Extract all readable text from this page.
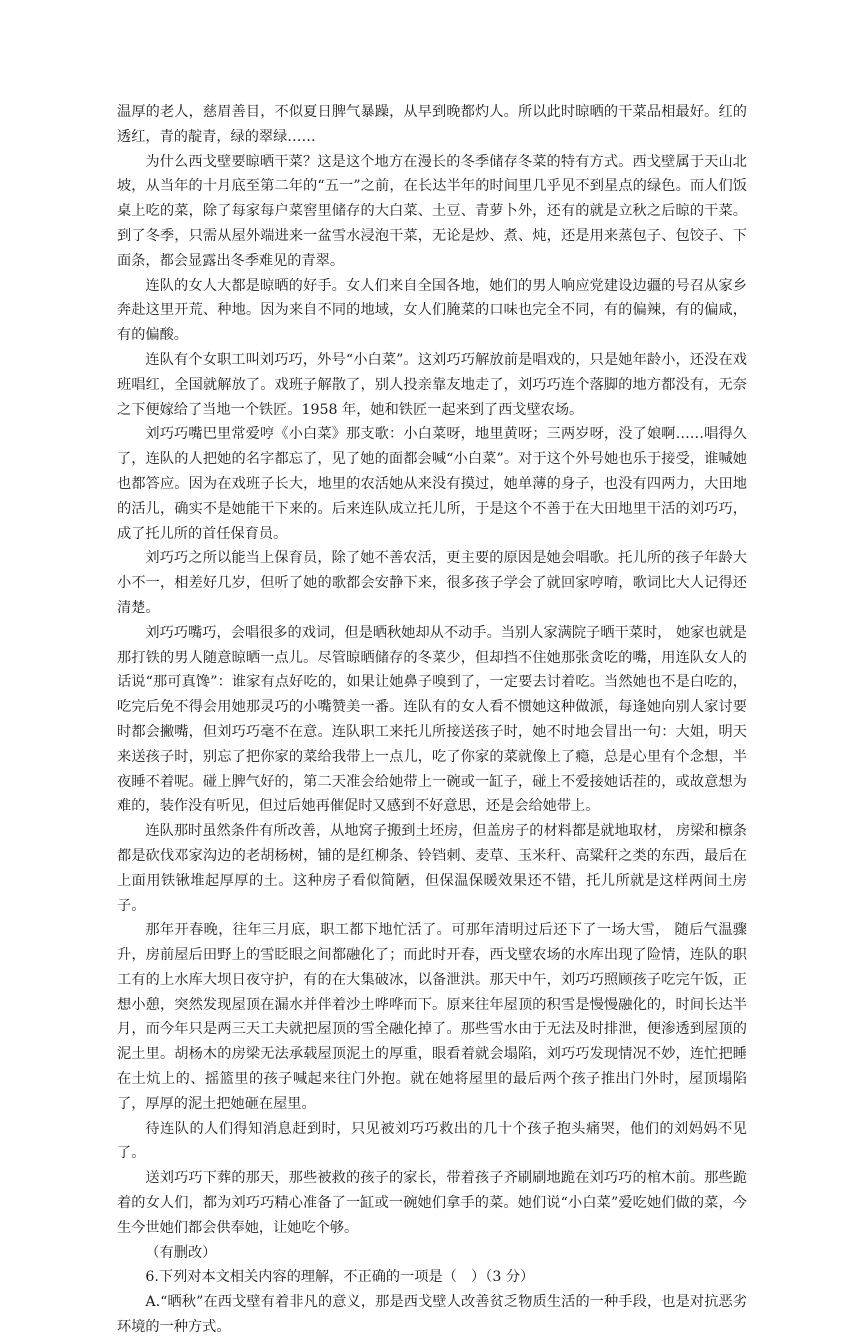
温厚的老人，慈眉善目，不似夏日脾气暴躁，从早到晚都灼人。所以此时晾晒的干菜品相最好。红的透红，青的靛青，绿的翠绿……

为什么西戈壁要晾晒干菜？这是这个地方在漫长的冬季储存冬菜的特有方式。西戈壁属于天山北坡，从当年的十月底至第二年的“五一”之前，在长达半年的时间里几乎见不到星点的绿色。而人们饭桌上吃的菜，除了每家每户菜窖里储存的大白菜、土豆、青萝卜外，还有的就是立秋之后晾的干菜。到了冬季，只需从屋外端进来一盆雪水浸泡干菜，无论是炒、煮、炖，还是用来蒸包子、包饺子、下面条，都会显露出冬季难见的青翠。

连队的女人大都是晾晒的好手。女人们来自全国各地，她们的男人响应党建设边疆的号召从家乡奔赴这里开荒、种地。因为来自不同的地域，女人们腌菜的口味也完全不同，有的偏辣，有的偏咸，有的偏酸。

连队有个女职工叫刘巧巧，外号“小白菜”。这刘巧巧解放前是唱戏的，只是她年龄小，还没在戏班唱红，全国就解放了。戏班子解散了，别人投亲靠友地走了，刘巧巧连个落脚的地方都没有，无奈之下便嫁给了当地一个铁匠。1958 年，她和铁匠一起来到了西戈壁农场。

刘巧巧嘴巴里常爱哼《小白菜》那支歌：小白菜呀，地里黄呀；三两岁呀，没了娘啊……唱得久了，连队的人把她的名字都忘了，见了她的面都会喊“小白菜”。对于这个外号她也乐于接受，谁喊她也都答应。因为在戏班子长大，地里的农活她从来没有摸过，她单薄的身子，也没有四两力，大田地的活儿，确实不是她能干下来的。后来连队成立托儿所，于是这个不善于在大田地里干活的刘巧巧，成了托儿所的首任保育员。

刘巧巧之所以能当上保育员，除了她不善农活，更主要的原因是她会唱歌。托儿所的孩子年龄大小不一，相差好几岁，但听了她的歌都会安静下来，很多孩子学会了就回家哼唷，歌词比大人记得还清楚。

刘巧巧嘴巧，会唱很多的戏词，但是晒秋她却从不动手。当别人家满院子晒干菜时， 她家也就是那打铁的男人随意晾晒一点儿。尽管晾晒储存的冬菜少，但却挡不住她那张贪吃的嘴，用连队女人的话说“那可真馋”：谁家有点好吃的，如果让她鼻子嗅到了，一定要去讨着吃。当然她也不是白吃的，吃完后免不得会用她那灵巧的小嘴赞美一番。连队有的女人看不惯她这种做派，每逢她向别人家讨要时都会撇嘴，但刘巧巧毫不在意。连队职工来托儿所接送孩子时，她不时地会冒出一句：大姐，明天来送孩子时，别忘了把你家的菜给我带上一点儿，吃了你家的菜就像上了瘾，总是心里有个念想，半夜睡不着呢。碰上脾气好的，第二天准会给她带上一碗或一缸子，碰上不爱接她话茬的，或故意想为难的，装作没有听见，但过后她再催促时又感到不好意思，还是会给她带上。

连队那时虽然条件有所改善，从地窝子搬到土坯房，但盖房子的材料都是就地取材， 房梁和檩条都是砍伐邓家沟边的老胡杨树，铺的是红柳条、铃铛刺、麦草、玉米秆、高粱秆之类的东西，最后在上面用铁锹堆起厚厚的土。这种房子看似简陋，但保温保暖效果还不错，托儿所就是这样两间土房子。

那年开春晚，往年三月底，职工都下地忙活了。可那年清明过后还下了一场大雪， 随后气温骤升，房前屋后田野上的雪眨眼之间都融化了；而此时开春，西戈壁农场的水库出现了险情，连队的职工有的上水库大坝日夜守护，有的在大集破冰，以备泄洪。那天中午，刘巧巧照顾孩子吃完午饭，正想小憩，突然发现屋顶在漏水并伴着沙土哗哗而下。原来往年屋顶的积雪是慢慢融化的，时间长达半月，而今年只是两三天工夫就把屋顶的雪全融化掉了。那些雪水由于无法及时排泄，便渗透到屋顶的泥土里。胡杨木的房梁无法承载屋顶泥土的厚重，眼看着就会塌陷，刘巧巧发现情况不妙，连忙把睡在土炕上的、摇篮里的孩子喊起来往门外抱。就在她将屋里的最后两个孩子推出门外时，屋顶塌陷了，厚厚的泥土把她砸在屋里。

待连队的人们得知消息赶到时，只见被刘巧巧救出的几十个孩子抱头痛哭，他们的刘妈妈不见了。

送刘巧巧下葬的那天，那些被救的孩子的家长，带着孩子齐刷刷地跪在刘巧巧的棺木前。那些跪着的女人们，都为刘巧巧精心准备了一缸或一碗她们拿手的菜。她们说“小白菜”爱吃她们做的菜，今生今世她们都会供奉她，让她吃个够。

（有删改）

6.下列对本文相关内容的理解，不正确的一项是（　）（3 分）

A.“晒秋”在西戈壁有着非凡的意义，那是西戈壁人改善贫乏物质生活的一种手段，也是对抗恶劣环境的一种方式。
